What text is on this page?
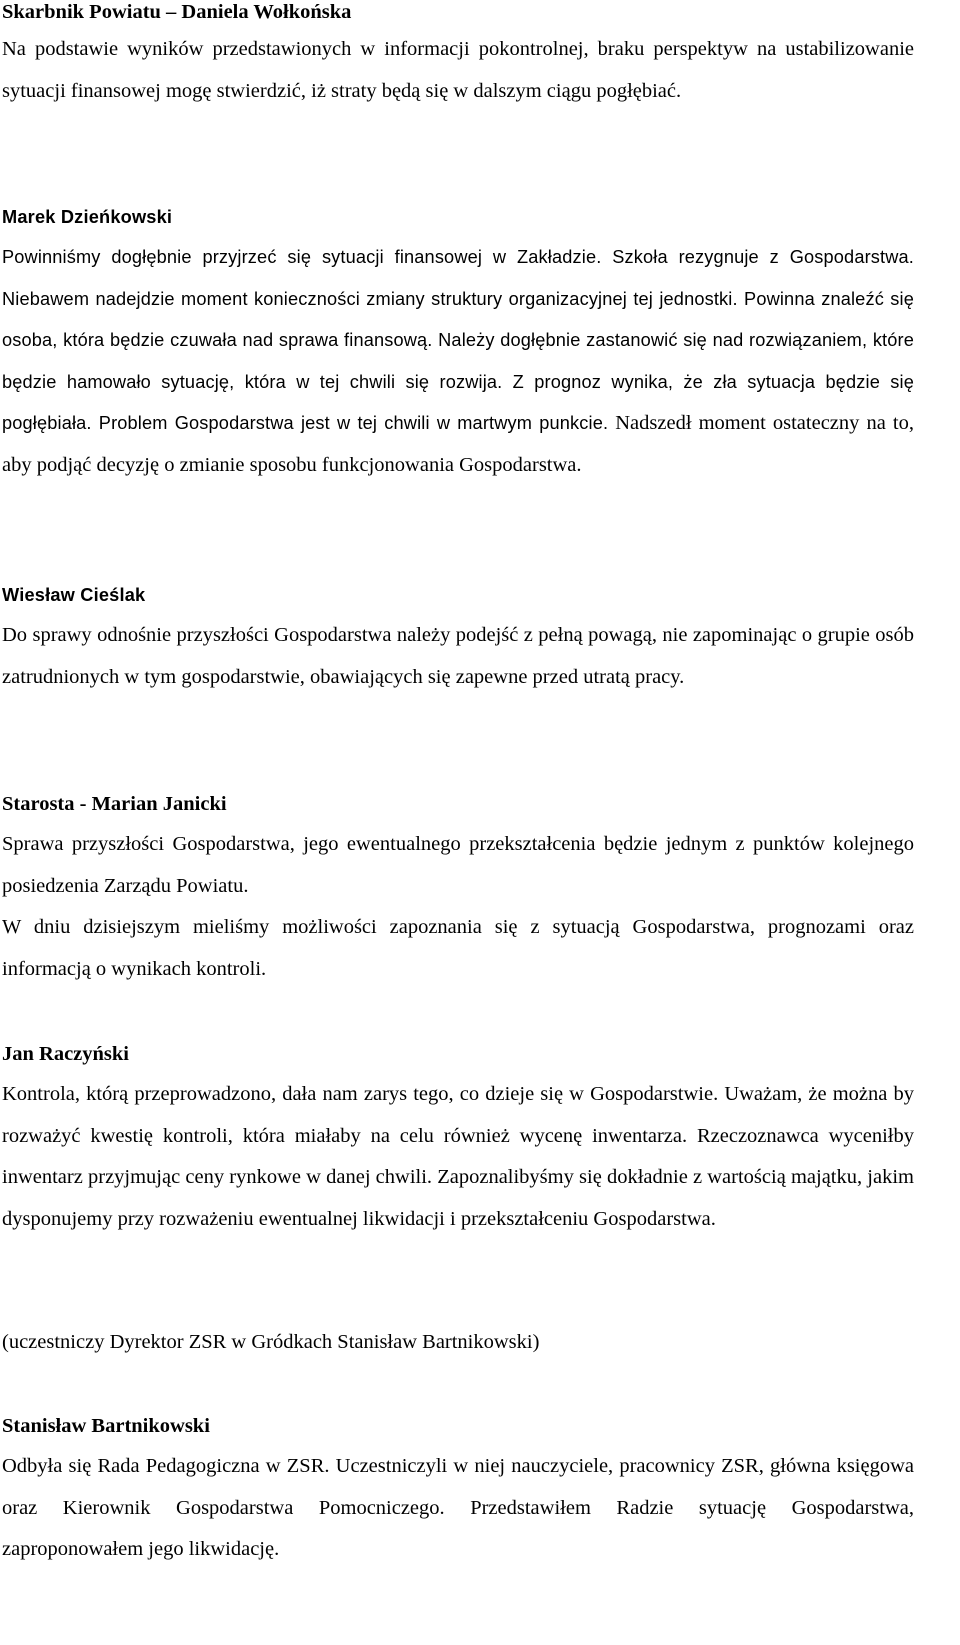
Skarbnik Powiatu – Daniela Wołkońska

Na podstawie wyników przedstawionych w informacji pokontrolnej, braku perspektyw na ustabilizowanie sytuacji finansowej mogę stwierdzić, iż straty będą się w dalszym ciągu pogłębiać.

Marek Dzieńkowski

Powinniśmy dogłębnie przyjrzeć się sytuacji finansowej w Zakładzie. Szkoła rezygnuje z Gospodarstwa. Niebawem nadejdzie moment konieczności zmiany struktury organizacyjnej tej jednostki. Powinna znaleźć się osoba, która będzie czuwała nad sprawa finansową. Należy dogłębnie zastanowić się nad rozwiązaniem, które będzie hamowało sytuację, która w tej chwili się rozwija. Z prognoz wynika, że zła sytuacja będzie się pogłębiała. Problem Gospodarstwa jest w tej chwili w martwym punkcie. Nadszedł moment ostateczny na to, aby podjąć decyzję o zmianie sposobu funkcjonowania Gospodarstwa.

Wiesław Cieślak

Do sprawy odnośnie przyszłości Gospodarstwa należy podejść z pełną powagą, nie zapominając o grupie osób zatrudnionych w tym gospodarstwie, obawiających się zapewne przed utratą pracy.

Starosta - Marian Janicki

Sprawa przyszłości Gospodarstwa, jego ewentualnego przekształcenia będzie jednym z punktów kolejnego posiedzenia Zarządu Powiatu.

W dniu dzisiejszym mieliśmy możliwości zapoznania się z sytuacją Gospodarstwa, prognozami oraz informacją o wynikach kontroli.

Jan Raczyński

Kontrola, którą przeprowadzono, dała nam zarys tego, co dzieje się w Gospodarstwie. Uważam, że można by rozważyć kwestię kontroli, która miałaby na celu również wycenę inwentarza. Rzeczoznawca wyceniłby inwentarz przyjmując ceny rynkowe w danej chwili. Zapoznalibyśmy się dokładnie z wartością majątku, jakim dysponujemy przy rozważeniu ewentualnej likwidacji i przekształceniu Gospodarstwa.

(uczestniczy Dyrektor ZSR w Gródkach Stanisław Bartnikowski)

Stanisław Bartnikowski

Odbyła się Rada Pedagogiczna w ZSR. Uczestniczyli w niej nauczyciele, pracownicy ZSR, główna księgowa oraz Kierownik Gospodarstwa Pomocniczego. Przedstawiłem Radzie sytuację Gospodarstwa, zaproponowałem jego likwidację.
